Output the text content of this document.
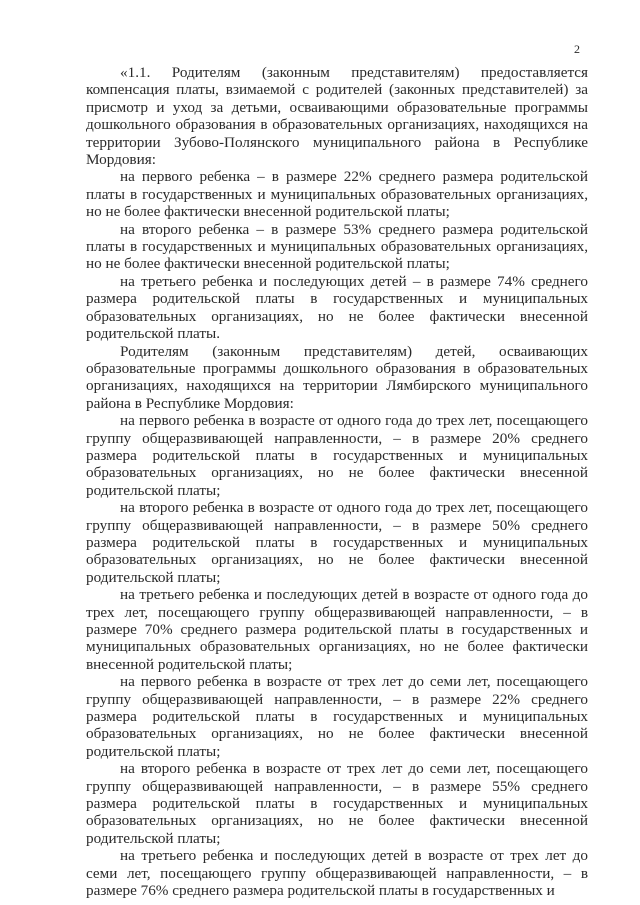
2

«1.1. Родителям (законным представителям) предоставляется компенсация платы, взимаемой с родителей (законных представителей) за присмотр и уход за детьми, осваивающими образовательные программы дошкольного образования в образовательных организациях, находящихся на территории Зубово-Полянского муниципального района в Республике Мордовия:

на первого ребенка – в размере 22% среднего размера родительской платы в государственных и муниципальных образовательных организациях, но не более фактически внесенной родительской платы;

на второго ребенка – в размере 53% среднего размера родительской платы в государственных и муниципальных образовательных организациях, но не более фактически внесенной родительской платы;

на третьего ребенка и последующих детей – в размере 74% среднего размера родительской платы в государственных и муниципальных образовательных организациях, но не более фактически внесенной родительской платы.

Родителям (законным представителям) детей, осваивающих образовательные программы дошкольного образования в образовательных организациях, находящихся на территории Лямбирского муниципального района в Республике Мордовия:

на первого ребенка в возрасте от одного года до трех лет, посещающего группу общеразвивающей направленности, – в размере 20% среднего размера родительской платы в государственных и муниципальных образовательных организациях, но не более фактически внесенной родительской платы;

на второго ребенка в возрасте от одного года до трех лет, посещающего группу общеразвивающей направленности, – в размере 50% среднего размера родительской платы в государственных и муниципальных образовательных организациях, но не более фактически внесенной родительской платы;

на третьего ребенка и последующих детей в возрасте от одного года до трех лет, посещающего группу общеразвивающей направленности, – в размере 70% среднего размера родительской платы в государственных и муниципальных образовательных организациях, но не более фактически внесенной родительской платы;

на первого ребенка в возрасте от трех лет до семи лет, посещающего группу общеразвивающей направленности, – в размере 22% среднего размера родительской платы в государственных и муниципальных образовательных организациях, но не более фактически внесенной родительской платы;

на второго ребенка в возрасте от трех лет до семи лет, посещающего группу общеразвивающей направленности, – в размере 55% среднего размера родительской платы в государственных и муниципальных образовательных организациях, но не более фактически внесенной родительской платы;

на третьего ребенка и последующих детей в возрасте от трех лет до семи лет, посещающего группу общеразвивающей направленности, – в размере 76% среднего размера родительской платы в государственных и
